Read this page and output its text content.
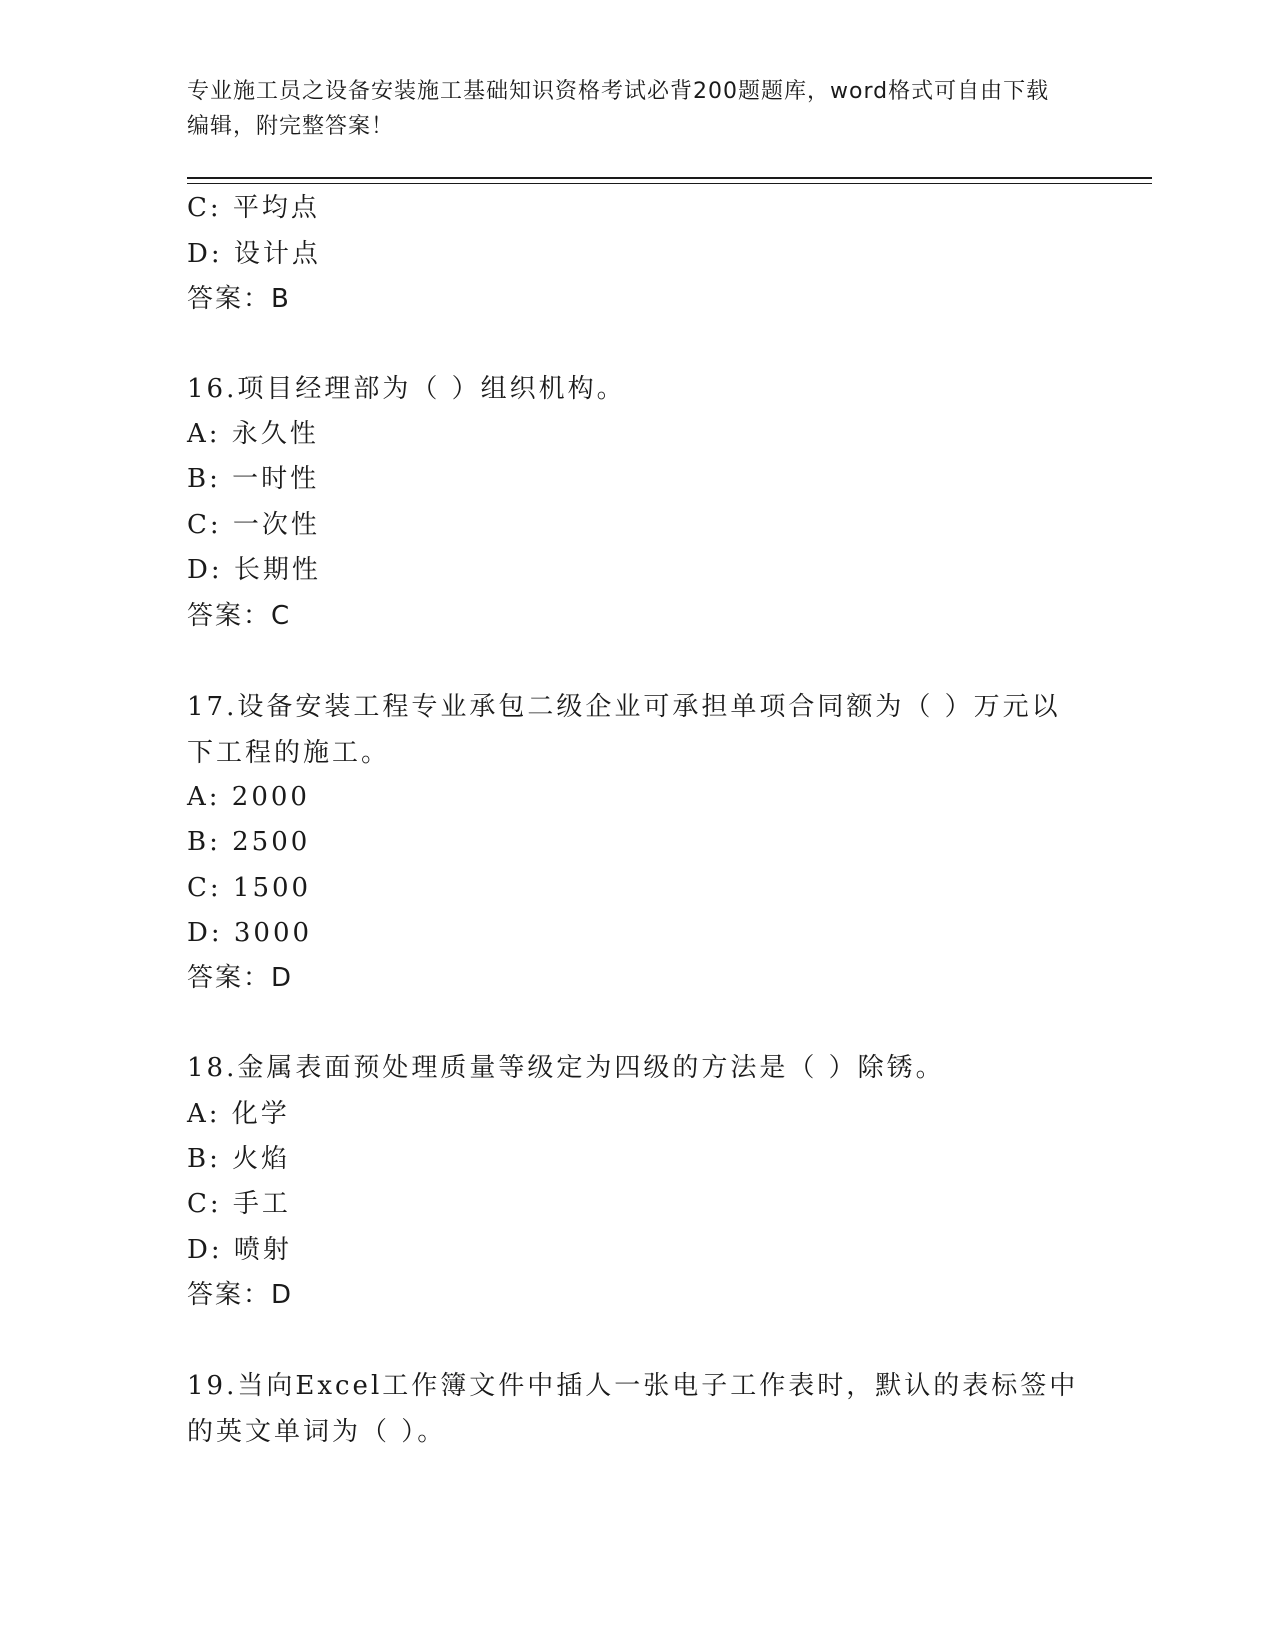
专业施工员之设备安装施工基础知识资格考试必背200题题库，word格式可自由下载编辑，附完整答案！
C: 平均点
D: 设计点
答案：B
16.项目经理部为（ ）组织机构。
A: 永久性
B: 一时性
C: 一次性
D: 长期性
答案：C
17.设备安装工程专业承包二级企业可承担单项合同额为（ ）万元以下工程的施工。
A: 2000
B: 2500
C: 1500
D: 3000
答案：D
18.金属表面预处理质量等级定为四级的方法是（ ）除锈。
A: 化学
B: 火焰
C: 手工
D: 喷射
答案：D
19.当向Excel工作簿文件中插人一张电子工作表时，默认的表标签中的英文单词为（ ）。
